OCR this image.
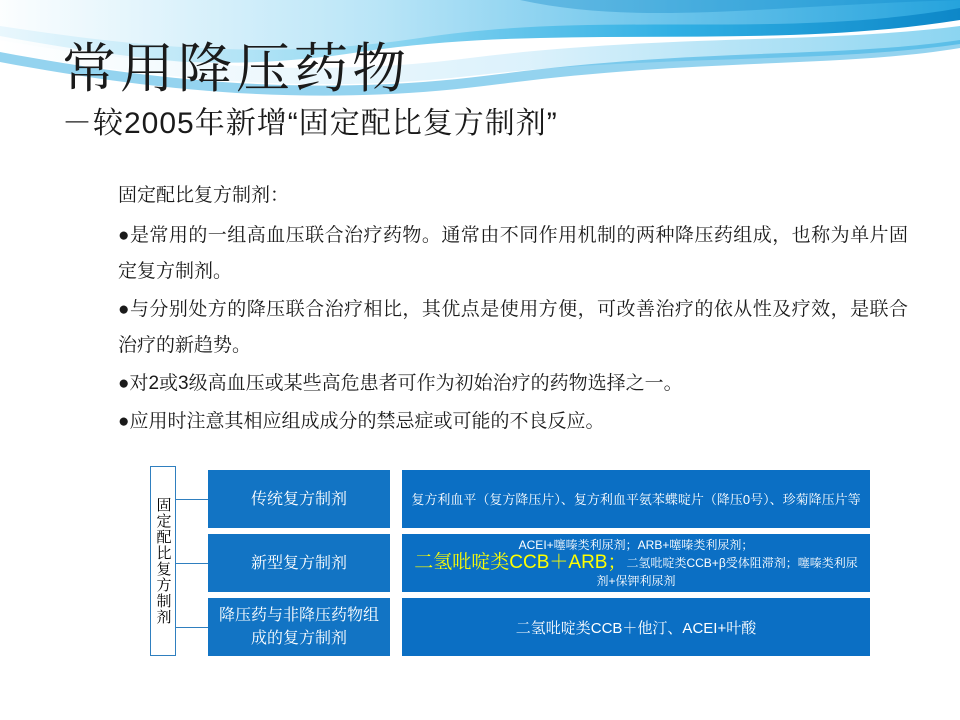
常用降压药物
－较2005年新增“固定配比复方制剂”

固定配比复方制剂：

●是常用的一组高血压联合治疗药物。通常由不同作用机制的两种降压药组成，也称为单片固定复方制剂。

●与分别处方的降压联合治疗相比，其优点是使用方便，可改善治疗的依从性及疗效，是联合治疗的新趋势。

●对2或3级高血压或某些高危患者可作为初始治疗的药物选择之一。

●应用时注意其相应组成成分的禁忌症或可能的不良反应。

固定配比复方制剂	传统复方制剂	复方利血平（复方降压片）、复方利血平氨苯蝶啶片（降压0号）、珍菊降压片等
新型复方制剂
ACEI+噻嗪类利尿剂；ARB+噻嗪类利尿剂；
二氢吡啶类CCB＋ARB；二氢吡啶类CCB+β受体阻滞剂；噻嗪类利尿剂+保钾利尿剂
降压药与非降压药物组成的复方制剂
二氢吡啶类CCB＋他汀、ACEI+叶酸
